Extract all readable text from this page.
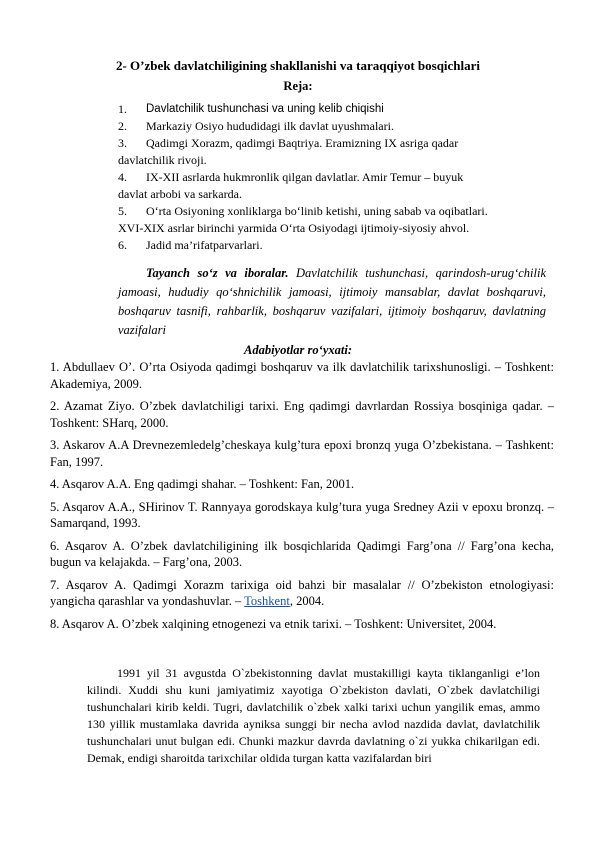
2- O’zbek davlatchiligining shakllanishi va taraqqiyot bosqichlari
Reja:
1.	Davlatchilik tushunchasi va uning kelib chiqishi
2.	Markaziy Osiyo hududidagi ilk davlat uyushmalari.
3.	Qadimgi Xorazm, qadimgi Baqtriya. Eramizning IX asriga qadar
davlatchilik rivoji.
4.	IX-XII asrlarda hukmronlik qilgan davlatlar. Amir Temur – buyuk
davlat arbobi va sarkarda.
5.	O‘rta Osiyoning xonliklarga bo‘linib ketishi, uning sabab va oqibatlari.
XVI-XIX asrlar birinchi yarmida O‘rta Osiyodagi ijtimoiy-siyosiy ahvol.
6.	Jadid ma’rifatparvarlari.
Tayanch so‘z va iboralar. Davlatchilik tushunchasi, qarindosh-urug‘chilik jamoasi, hududiy qo‘shnichilik jamoasi, ijtimoiy mansablar, davlat boshqaruvi, boshqaruv tasnifi, rahbarlik, boshqaruv vazifalari, ijtimoiy boshqaruv, davlatning vazifalari
Adabiyotlar ro‘yxati:
1. Abdullaev O’. O’rta Osiyoda qadimgi boshqaruv va ilk davlatchilik tarixshunosligi. – Toshkent: Akademiya, 2009.
2. Azamat Ziyo. O’zbek davlatchiligi tarixi. Eng qadimgi davrlardan Rossiya bosqiniga qadar. – Toshkent: SHarq, 2000.
3. Askarov A.A Drevnezemledelg’cheskaya kulg’tura epoxi bronzq yuga O’zbekistana. – Tashkent: Fan, 1997.
4. Asqarov A.A. Eng qadimgi shahar. – Toshkent: Fan, 2001.
5. Asqarov A.A., SHirinov T. Rannyaya gorodskaya kulg’tura yuga Sredney Azii v epoxu bronzq. – Samarqand, 1993.
6. Asqarov A. O’zbek davlatchiligining ilk bosqichlarida Qadimgi Farg’ona // Farg’ona kecha, bugun va kelajakda. – Farg’ona, 2003.
7. Asqarov A. Qadimgi Xorazm tarixiga oid bahzi bir masalalar // O’zbekiston etnologiyasi: yangicha qarashlar va yondashuvlar. – Toshkent, 2004.
8. Asqarov A. O’zbek xalqining etnogenezi va etnik tarixi. – Toshkent: Universitet, 2004.
1991 yil 31 avgustda O`zbekistonning davlat mustakilligi kayta tiklanganligi e’lon kilindi. Xuddi shu kuni jamiyatimiz xayotiga O`zbekiston davlati, O`zbek davlatchiligi tushunchalari kirib keldi. Tugri, davlatchilik o`zbek xalki tarixi uchun yangilik emas, ammo 130 yillik mustamlaka davrida ayniksa sunggi bir necha avlod nazdida davlat, davlatchilik tushunchalari unut bulgan edi. Chunki mazkur davrda davlatning o`zi yukka chikarilgan edi. Demak, endigi sharoitda tarixchilar oldida turgan katta vazifalardan biri
